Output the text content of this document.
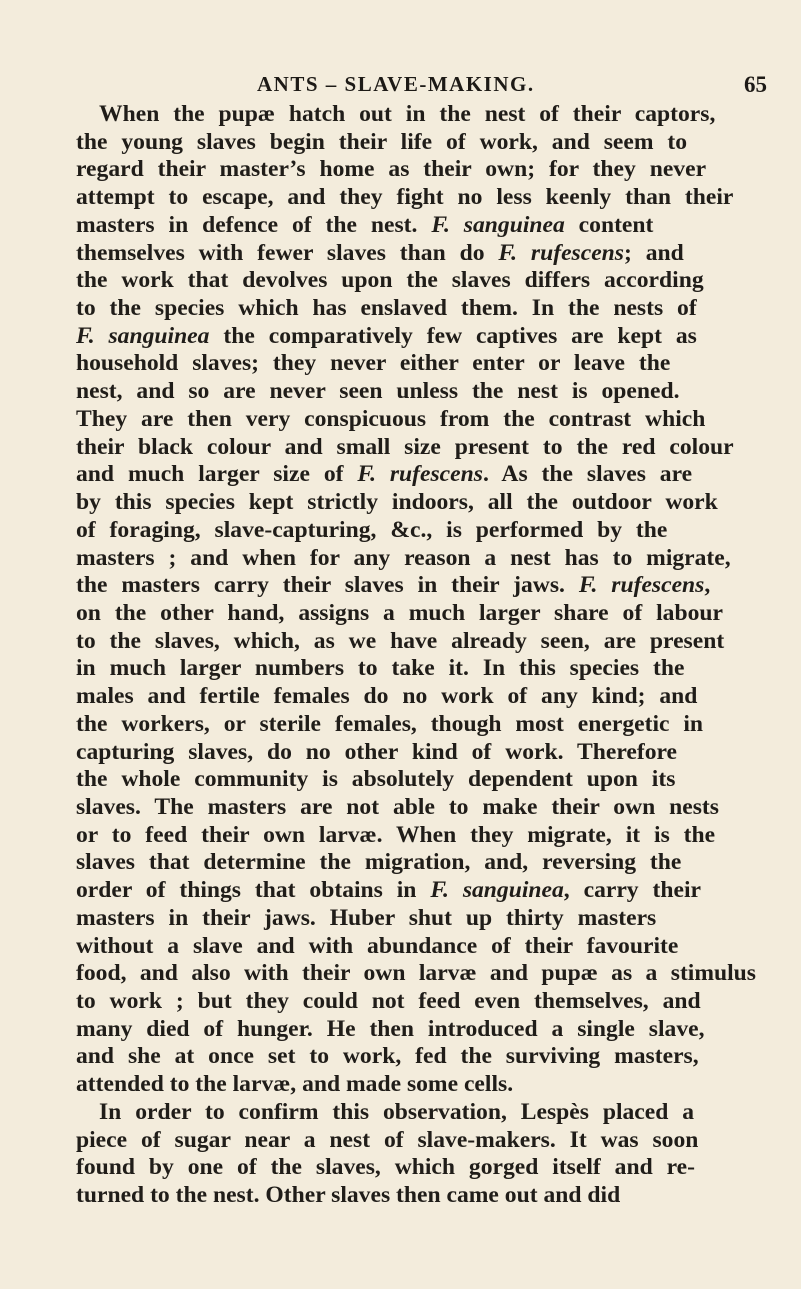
ANTS – SLAVE-MAKING.	65
When the pupæ hatch out in the nest of their captors,
the young slaves begin their life of work, and seem to
regard their master’s home as their own; for they never
attempt to escape, and they fight no less keenly than their
masters in defence of the nest. F. sanguinea content
themselves with fewer slaves than do F. rufescens; and
the work that devolves upon the slaves differs according
to the species which has enslaved them. In the nests of
F. sanguinea the comparatively few captives are kept as
household slaves; they never either enter or leave the
nest, and so are never seen unless the nest is opened.
They are then very conspicuous from the contrast which
their black colour and small size present to the red colour
and much larger size of F. rufescens. As the slaves are
by this species kept strictly indoors, all the outdoor work
of foraging, slave-capturing, &c., is performed by the
masters ; and when for any reason a nest has to migrate,
the masters carry their slaves in their jaws. F. rufescens,
on the other hand, assigns a much larger share of labour
to the slaves, which, as we have already seen, are present
in much larger numbers to take it. In this species the
males and fertile females do no work of any kind; and
the workers, or sterile females, though most energetic in
capturing slaves, do no other kind of work. Therefore
the whole community is absolutely dependent upon its
slaves. The masters are not able to make their own nests
or to feed their own larvæ. When they migrate, it is the
slaves that determine the migration, and, reversing the
order of things that obtains in F. sanguinea, carry their
masters in their jaws. Huber shut up thirty masters
without a slave and with abundance of their favourite
food, and also with their own larvæ and pupæ as a stimulus
to work ; but they could not feed even themselves, and
many died of hunger. He then introduced a single slave,
and she at once set to work, fed the surviving masters,
attended to the larvæ, and made some cells.
In order to confirm this observation, Lespès placed a
piece of sugar near a nest of slave-makers. It was soon
found by one of the slaves, which gorged itself and re-
turned to the nest. Other slaves then came out and did
